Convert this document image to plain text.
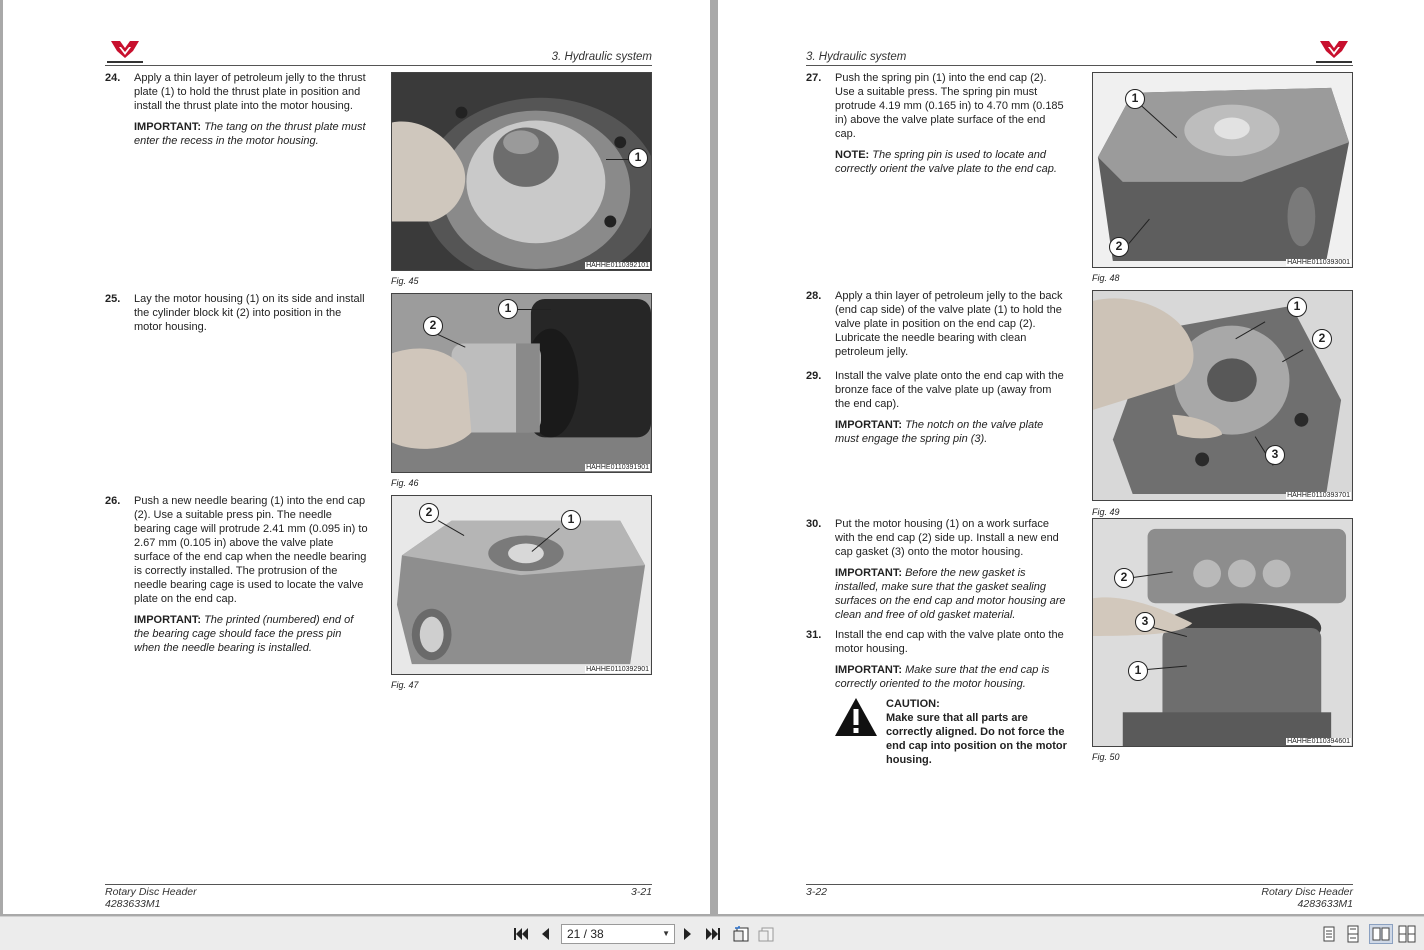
3. Hydraulic system
24. Apply a thin layer of petroleum jelly to the thrust plate (1) to hold the thrust plate in position and install the thrust plate into the motor housing.

IMPORTANT: The tang on the thrust plate must enter the recess in the motor housing.

HAHHE0110392101
1
Fig. 45
25. Lay the motor housing (1) on its side and install the cylinder block kit (2) into position in the motor housing.

HAHHE0110391901
1
2
Fig. 46
26. Push a new needle bearing (1) into the end cap (2). Use a suitable press pin. The needle bearing cage will protrude 2.41 mm (0.095 in) to 2.67 mm (0.105 in) above the valve plate surface of the end cap when the needle bearing is correctly installed. The protrusion of the needle bearing cage is used to locate the valve plate on the end cap.

IMPORTANT: The printed (numbered) end of the bearing cage should face the press pin when the needle bearing is installed.

HAHHE0110392901
2	1
Fig. 47
Rotary Disc Header
4283633M1
3-21
3. Hydraulic system
27. Push the spring pin (1) into the end cap (2). Use a suitable press. The spring pin must protrude 4.19 mm (0.165 in) to 4.70 mm (0.185 in) above the valve plate surface of the end cap.

NOTE: The spring pin is used to locate and correctly orient the valve plate to the end cap.

HAHHE0110393001
1
2
Fig. 48
28. Apply a thin layer of petroleum jelly to the back (end cap side) of the valve plate (1) to hold the valve plate in position on the end cap (2). Lubricate the needle bearing with clean petroleum jelly.

29. Install the valve plate onto the end cap with the bronze face of the valve plate up (away from the end cap).

IMPORTANT: The notch on the valve plate must engage the spring pin (3).

HAHHE0110393701
1
2
3
Fig. 49
30. Put the motor housing (1) on a work surface with the end cap (2) side up. Install a new end cap gasket (3) onto the motor housing.

IMPORTANT: Before the new gasket is installed, make sure that the gasket sealing surfaces on the end cap and motor housing are clean and free of old gasket material.

31. Install the end cap with the valve plate onto the motor housing.

IMPORTANT: Make sure that the end cap is correctly oriented to the motor housing.

CAUTION:
Make sure that all parts are correctly aligned. Do not force the end cap into position on the motor housing.
HAHHE0110394601
2
3
1
Fig. 50
3-22	Rotary Disc Header
4283633M1
21 / 38	▼
